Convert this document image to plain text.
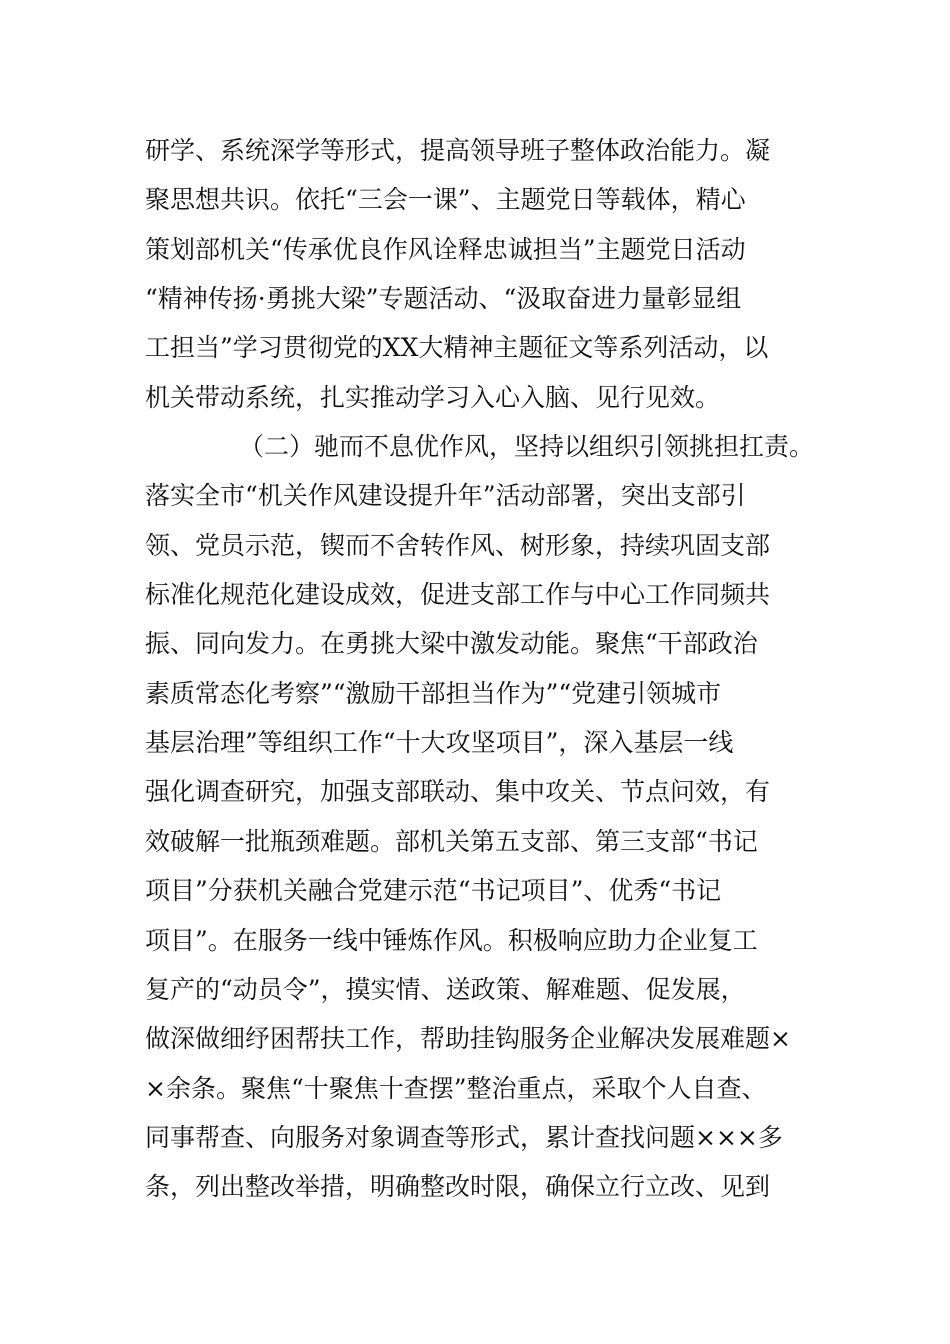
研学、系统深学等形式，提高领导班子整体政治能力。凝
聚思想共识。依托“三会一课”、主题党日等载体，精心
策划部机关“传承优良作风诠释忠诚担当”主题党日活动
“精神传扬·勇挑大梁”专题活动、“汲取奋进力量彰显组
工担当”学习贯彻党的XX大精神主题征文等系列活动，以
机关带动系统，扎实推动学习入心入脑、见行见效。
（二）驰而不息优作风，坚持以组织引领挑担扛责。
落实全市“机关作风建设提升年”活动部署，突出支部引
领、党员示范，锲而不舍转作风、树形象，持续巩固支部
标准化规范化建设成效，促进支部工作与中心工作同频共
振、同向发力。在勇挑大梁中激发动能。聚焦“干部政治
素质常态化考察”“激励干部担当作为”“党建引领城市
基层治理”等组织工作“十大攻坚项目”，深入基层一线
强化调查研究，加强支部联动、集中攻关、节点问效，有
效破解一批瓶颈难题。部机关第五支部、第三支部“书记
项目”分获机关融合党建示范“书记项目”、优秀“书记
项目”。在服务一线中锤炼作风。积极响应助力企业复工
复产的“动员令”，摸实情、送政策、解难题、促发展，
做深做细纾困帮扶工作，帮助挂钩服务企业解决发展难题×
×余条。聚焦“十聚焦十查摆”整治重点，采取个人自查、
同事帮查、向服务对象调查等形式，累计查找问题×××多
条，列出整改举措，明确整改时限，确保立行立改、见到
